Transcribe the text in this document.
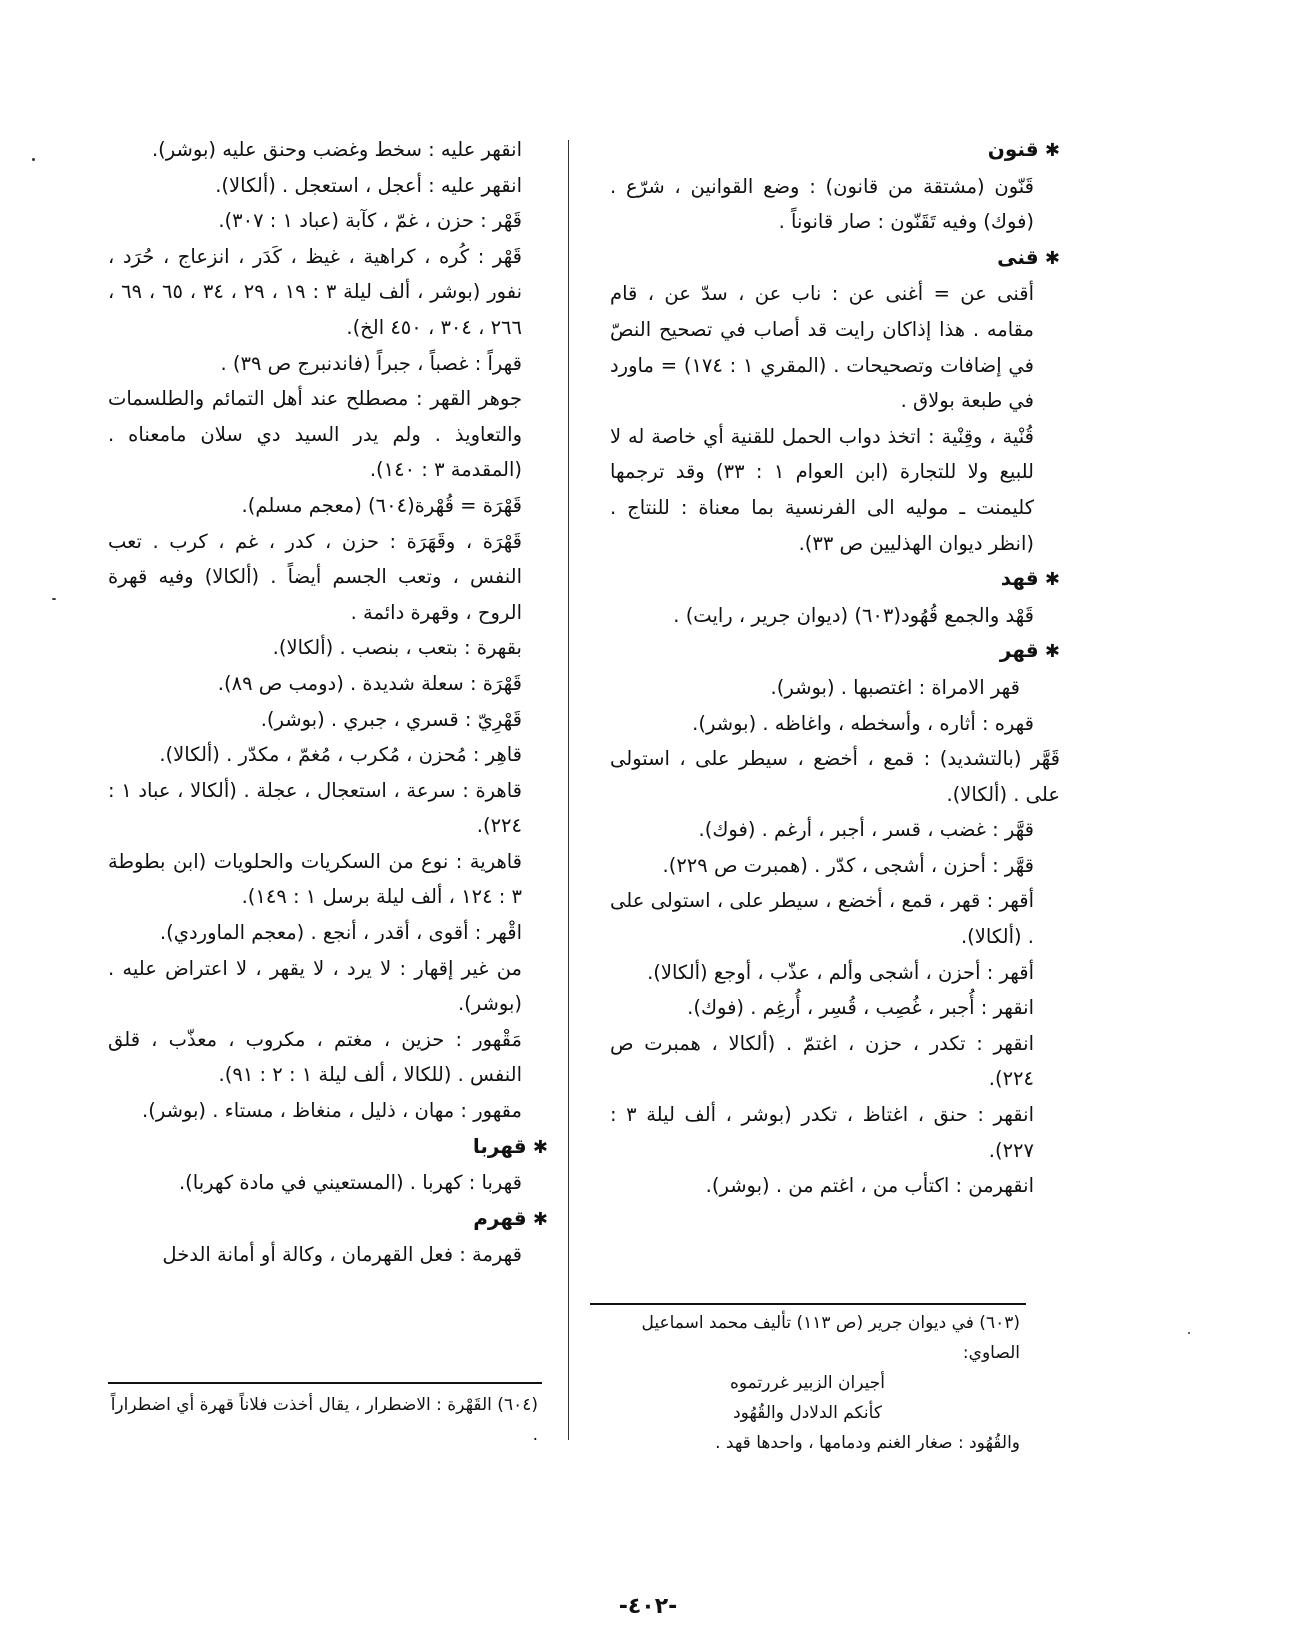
✱ قنون

قَنّون (مشتقة من قانون) : وضع القوانين ، شرّع . (فوك) وفيه تَقَنّون : صار قانوناً .

✱ قنى

أقنى عن = أغنى عن : ناب عن ، سدّ عن ، قام مقامه . هذا إذاكان رايت قد أصاب في تصحيح النصّ في إضافات وتصحيحات . (المقري ١ : ١٧٤) = ماورد في طبعة بولاق .

قُنْية ، وقِنْية : اتخذ دواب الحمل للقنية أي خاصة له لا للبيع ولا للتجارة (ابن العوام ١ : ٣٣) وقد ترجمها كليمنت ـ موليه الى الفرنسية بما معناة : للنتاج . (انظر ديوان الهذليين ص ٣٣).

✱ قهد

قَهْد والجمع قُهُود(٦٠٣) (ديوان جرير ، رايت) .

✱ قهر

قهر الامراة : اغتصبها . (بوشر).

قهره : أثاره ، وأسخطه ، واغاظه . (بوشر).

قَهَّر (بالتشديد) : قمع ، أخضع ، سيطر على ، استولى على . (ألكالا).

قهَّر : غضب ، قسر ، أجبر ، أرغم . (فوك).

قهَّر : أحزن ، أشجى ، كدّر . (همبرت ص ٢٢٩).

أقهر : قهر ، قمع ، أخضع ، سيطر على ، استولى على . (ألكالا).

أقهر : أحزن ، أشجى وألم ، عذّب ، أوجع (ألكالا).

انقهر : أُجبر ، غُصِب ، قُسِر ، أُرغِم . (فوك).

انقهر : تكدر ، حزن ، اغتمّ . (ألكالا ، همبرت ص ٢٢٤).

انقهر : حنق ، اغتاظ ، تكدر (بوشر ، ألف ليلة ٣ : ٢٢٧).

انقهرمن : اكتأب من ، اغتم من . (بوشر).

انقهر عليه : سخط وغضب وحنق عليه (بوشر).

انقهر عليه : أعجل ، استعجل . (ألكالا).

قَهْر : حزن ، غمّ ، كآبة (عباد ١ : ٣٠٧).

قَهْر : كُره ، كراهية ، غيظ ، كَدَر ، انزعاج ، حُرَد ، نفور (بوشر ، ألف ليلة ٣ : ١٩ ، ٢٩ ، ٣٤ ، ٦٥ ، ٦٩ ، ٢٦٦ ، ٣٠٤ ، ٤٥٠ الخ).

قهراً : غصباً ، جبراً (فاندنبرج ص ٣٩) .

جوهر القهر : مصطلح عند أهل التمائم والطلسمات والتعاويذ . ولم يدر السيد دي سلان مامعناه . (المقدمة ٣ : ١٤٠).

قَهْرَة = قُهْرة(٦٠٤) (معجم مسلم).

قَهْرَة ، وقَهَرَة : حزن ، كدر ، غم ، كرب . تعب النفس ، وتعب الجسم أيضاً . (ألكالا) وفيه قهرة الروح ، وقهرة دائمة .

بقهرة : بتعب ، بنصب . (ألكالا).

قَهْرَة : سعلة شديدة . (دومب ص ٨٩).

قَهْرِيّ : قسري ، جبري . (بوشر).

قاهِر : مُحزن ، مُكرب ، مُغمّ ، مكدّر . (ألكالا).

قاهرة : سرعة ، استعجال ، عجلة . (ألكالا ، عباد ١ : ٢٢٤).

قاهرية : نوع من السكريات والحلويات (ابن بطوطة ٣ : ١٢٤ ، ألف ليلة برسل ١ : ١٤٩).

اقْهر : أقوى ، أقدر ، أنجع . (معجم الماوردي).

من غير إقهار : لا يرد ، لا يقهر ، لا اعتراض عليه . (بوشر).

مَقْهور : حزين ، مغتم ، مكروب ، معذّب ، قلق النفس . (للكالا ، ألف ليلة ١ : ٢ : ٩١).

مقهور : مهان ، ذليل ، منغاظ ، مستاء . (بوشر).

✱ قهربا

قهربا : كهربا . (المستعيني في مادة كهربا).

✱ قهرم

قهرمة : فعل القهرمان ، وكالة أو أمانة الدخل

(٦٠٣) في ديوان جرير (ص ١١٣) تأليف محمد اسماعيل الصاوي:

أجيران الزبير غررتموه

كأنكم الدلادل والقُهُود

والقُهُود : صغار الغنم ودمامها ، واحدها قهد .

(٦٠٤) القَهْرة : الاضطرار ، يقال أخذت فلاناً قهرة أي اضطراراً .

-٤٠٢-
